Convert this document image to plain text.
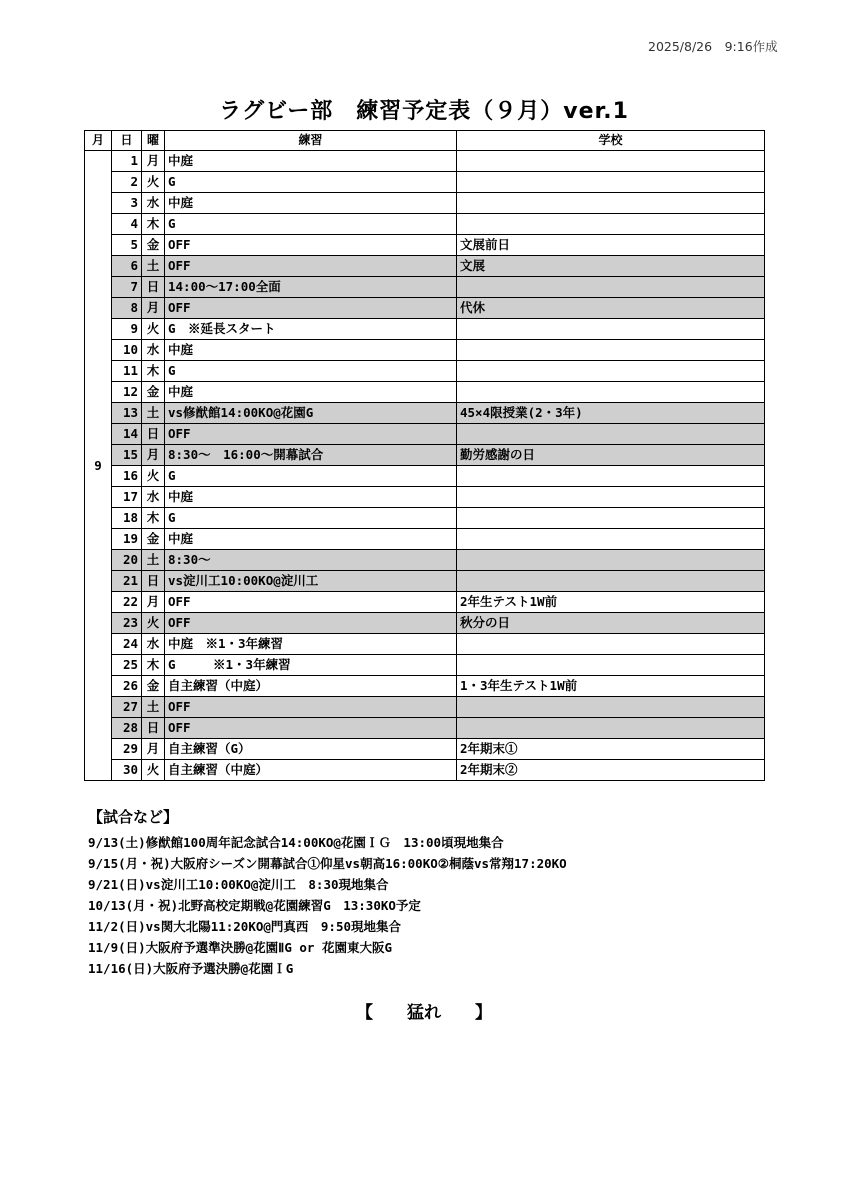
2025/8/26　9:16作成
ラグビー部　練習予定表（９月）ver.1
月	日	曜	練習	学校
9	1	月	中庭	
	2	火	G	
	3	水	中庭	
	4	木	G	
	5	金	OFF	文展前日
	6	土	OFF	文展
	7	日	14:00～17:00全面	
	8	月	OFF	代休
	9	火	G　※延長スタート	
	10	水	中庭	
	11	木	G	
	12	金	中庭	
	13	土	vs修猷館14:00KO@花園G	45×4限授業(2・3年)
	14	日	OFF	
	15	月	8:30～　16:00～開幕試合	勤労感謝の日
	16	火	G	
	17	水	中庭	
	18	木	G	
	19	金	中庭	
	20	土	8:30～	
	21	日	vs淀川工10:00KO@淀川工	
	22	月	OFF	2年生テスト1W前
	23	火	OFF	秋分の日
	24	水	中庭　※1・3年練習	
	25	木	G　　　※1・3年練習	
	26	金	自主練習（中庭）	1・3年生テスト1W前
	27	土	OFF	
	28	日	OFF	
	29	月	自主練習（G）	2年期末①
	30	火	自主練習（中庭）	2年期末②
【試合など】
9/13(土)修猷館100周年記念試合14:00KO@花園ＩＧ　13:00頃現地集合
9/15(月・祝)大阪府シーズン開幕試合①仰星vs朝高16:00KO②桐蔭vs常翔17:20KO
9/21(日)vs淀川工10:00KO@淀川工　8:30現地集合
10/13(月・祝)北野高校定期戦@花園練習G　13:30KO予定
11/2(日)vs関大北陽11:20KO@門真西　9:50現地集合
11/9(日)大阪府予選準決勝@花園ⅡG or 花園東大阪G
11/16(日)大阪府予選決勝@花園ＩG
【　　猛れ　　】
